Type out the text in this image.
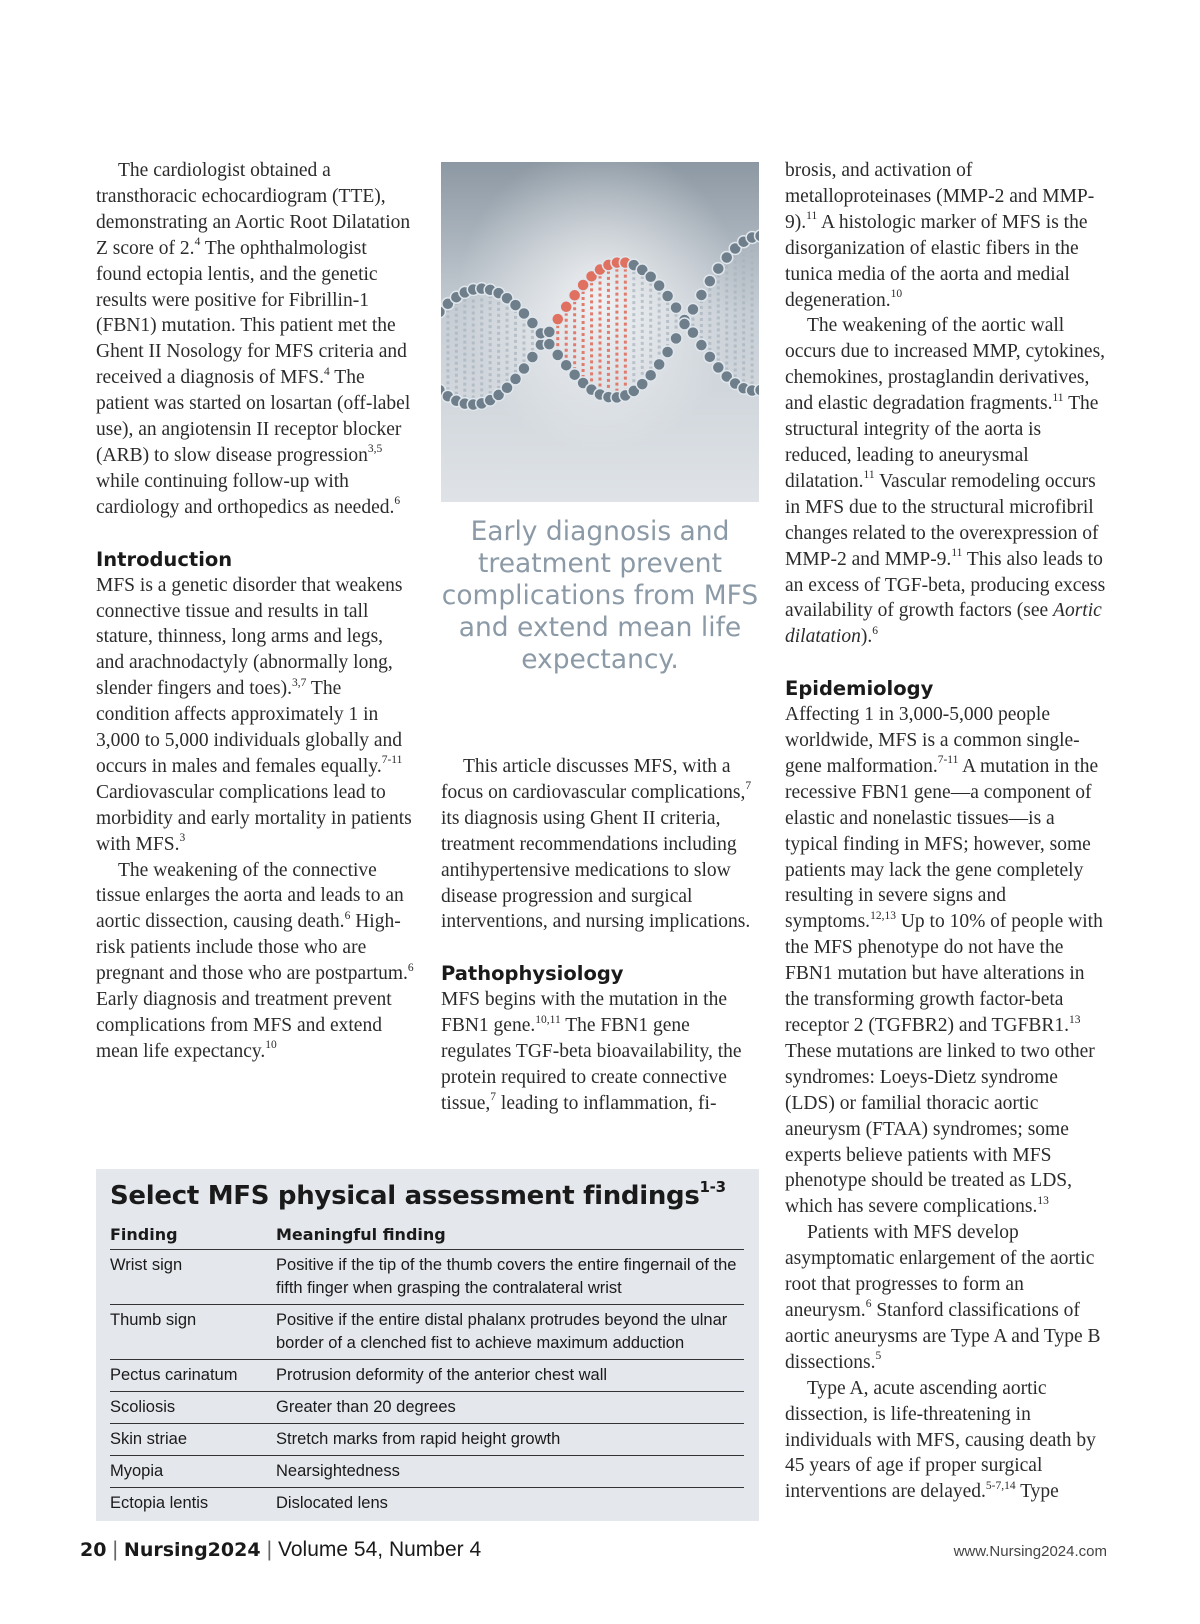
The cardiologist obtained a transthoracic echocardiogram (TTE), demonstrating an Aortic Root Dilatation Z score of 2.$^4$ The ophthalmologist found ectopia lentis, and the genetic results were positive for Fibrillin-1 (FBN1) mutation. This patient met the Ghent II Nosology for MFS criteria and received a diagnosis of MFS.$^4$ The patient was started on losartan (off-label use), an angiotensin II receptor blocker (ARB) to slow disease progression$^{3,5}$ while continuing follow-up with cardiology and orthopedics as needed.$^6$

Introduction

MFS is a genetic disorder that weakens connective tissue and results in tall stature, thinness, long arms and legs, and arachnodactyly (abnormally long, slender fingers and toes).$^{3,7}$ The condition affects approximately 1 in 3,000 to 5,000 individuals globally and occurs in males and females equally.$^{7-11}$ Cardiovascular complications lead to morbidity and early mortality in patients with MFS.$^3$

The weakening of the connective tissue enlarges the aorta and leads to an aortic dissection, causing death.$^6$ High-risk patients include those who are pregnant and those who are postpartum.$^6$ Early diagnosis and treatment prevent complications from MFS and extend mean life expectancy.$^{10}$

Early diagnosis and treatment prevent complications from MFS and extend mean life expectancy.

This article discusses MFS, with a focus on cardiovascular complications,$^7$ its diagnosis using Ghent II criteria, treatment recommendations including antihypertensive medications to slow disease progression and surgical interventions, and nursing implications.

Pathophysiology

MFS begins with the mutation in the FBN1 gene.$^{10,11}$ The FBN1 gene regulates TGF-beta bioavailability, the protein required to create connective tissue,$^7$ leading to inflammation, fi-

brosis, and activation of metalloproteinases (MMP-2 and MMP-9).$^{11}$ A histologic marker of MFS is the disorganization of elastic fibers in the tunica media of the aorta and medial degeneration.$^{10}$

The weakening of the aortic wall occurs due to increased MMP, cytokines, chemokines, prostaglandin derivatives, and elastic degradation fragments.$^{11}$ The structural integrity of the aorta is reduced, leading to aneurysmal dilatation.$^{11}$ Vascular remodeling occurs in MFS due to the structural microfibril changes related to the overexpression of MMP-2 and MMP-9.11 This also leads to an excess of TGF-beta, producing excess availability of growth factors (see Aortic dilatation).$^6$

Epidemiology

Affecting 1 in 3,000-5,000 people worldwide, MFS is a common single-gene malformation.$^{7-11}$ A mutation in the recessive FBN1 gene—a component of elastic and nonelastic tissues—is a typical finding in MFS; however, some patients may lack the gene completely resulting in severe signs and symptoms.$^{12,13}$ Up to 10% of people with the MFS phenotype do not have the FBN1 mutation but have alterations in the transforming growth factor-beta receptor 2 (TGFBR2) and TGFBR1.13 These mutations are linked to two other syndromes: Loeys-Dietz syndrome (LDS) or familial thoracic aortic aneurysm (FTAA) syndromes; some experts believe patients with MFS phenotype should be treated as LDS, which has severe complications.$^{13}$

Patients with MFS develop asymptomatic enlargement of the aortic root that progresses to form an aneurysm.$^6$ Stanford classifications of aortic aneurysms are Type A and Type B dissections.$^5$

Type A, acute ascending aortic dissection, is life-threatening in individuals with MFS, causing death by 45 years of age if proper surgical interventions are delayed.$^{5-7,14}$ Type

Select MFS physical assessment findings$^{1-3}$
Finding	Meaningful finding
Wrist sign	Positive if the tip of the thumb covers the entire fingernail of the fifth finger when grasping the contralateral wrist
Thumb sign	Positive if the entire distal phalanx protrudes beyond the ulnar border of a clenched fist to achieve maximum adduction
Pectus carinatum	Protrusion deformity of the anterior chest wall
Scoliosis	Greater than 20 degrees
Skin striae	Stretch marks from rapid height growth
Myopia	Nearsightedness
Ectopia lentis	Dislocated lens
20 | Nursing2024 | Volume 54, Number 4	www.Nursing2024.com
